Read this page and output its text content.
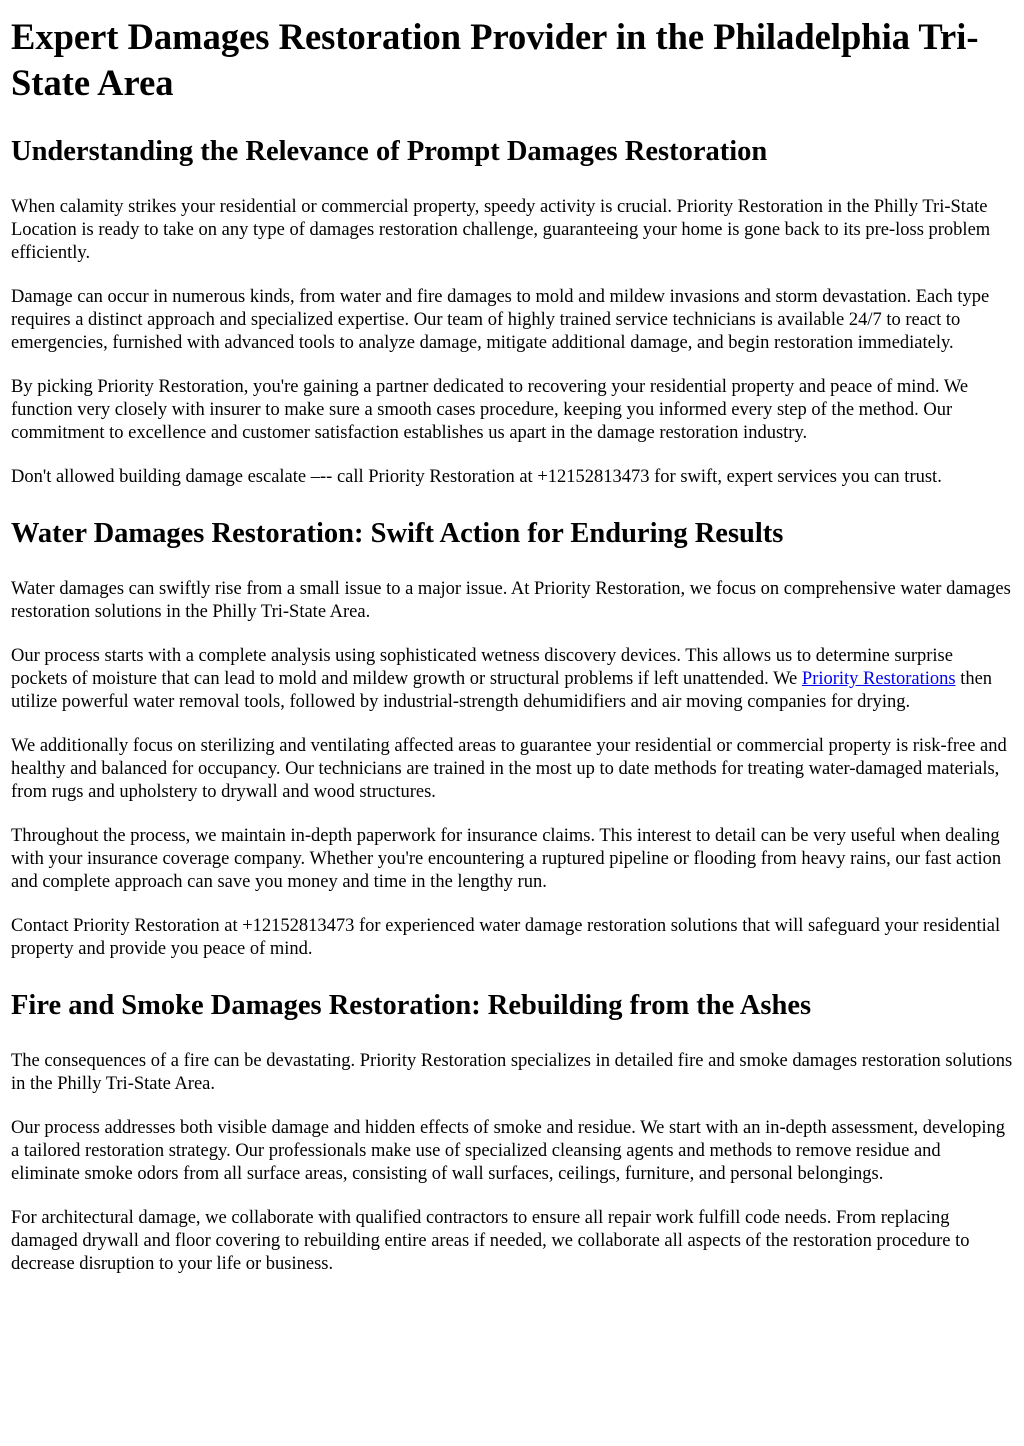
Expert Damages Restoration Provider in the Philadelphia Tri-State Area
Understanding the Relevance of Prompt Damages Restoration

When calamity strikes your residential or commercial property, speedy activity is crucial. Priority Restoration in the Philly Tri-State Location is ready to take on any type of damages restoration challenge, guaranteeing your home is gone back to its pre-loss problem efficiently.

Damage can occur in numerous kinds, from water and fire damages to mold and mildew invasions and storm devastation. Each type requires a distinct approach and specialized expertise. Our team of highly trained service technicians is available 24/7 to react to emergencies, furnished with advanced tools to analyze damage, mitigate additional damage, and begin restoration immediately.

By picking Priority Restoration, you're gaining a partner dedicated to recovering your residential property and peace of mind. We function very closely with insurer to make sure a smooth cases procedure, keeping you informed every step of the method. Our commitment to excellence and customer satisfaction establishes us apart in the damage restoration industry.

Don't allowed building damage escalate –-- call Priority Restoration at +12152813473 for swift, expert services you can trust.

Water Damages Restoration: Swift Action for Enduring Results

Water damages can swiftly rise from a small issue to a major issue. At Priority Restoration, we focus on comprehensive water damages restoration solutions in the Philly Tri-State Area.

Our process starts with a complete analysis using sophisticated wetness discovery devices. This allows us to determine surprise pockets of moisture that can lead to mold and mildew growth or structural problems if left unattended. We Priority Restorations then utilize powerful water removal tools, followed by industrial-strength dehumidifiers and air moving companies for drying.

We additionally focus on sterilizing and ventilating affected areas to guarantee your residential or commercial property is risk-free and healthy and balanced for occupancy. Our technicians are trained in the most up to date methods for treating water-damaged materials, from rugs and upholstery to drywall and wood structures.

Throughout the process, we maintain in-depth paperwork for insurance claims. This interest to detail can be very useful when dealing with your insurance coverage company. Whether you're encountering a ruptured pipeline or flooding from heavy rains, our fast action and complete approach can save you money and time in the lengthy run.

Contact Priority Restoration at +12152813473 for experienced water damage restoration solutions that will safeguard your residential property and provide you peace of mind.

Fire and Smoke Damages Restoration: Rebuilding from the Ashes

The consequences of a fire can be devastating. Priority Restoration specializes in detailed fire and smoke damages restoration solutions in the Philly Tri-State Area.

Our process addresses both visible damage and hidden effects of smoke and residue. We start with an in-depth assessment, developing a tailored restoration strategy. Our professionals make use of specialized cleansing agents and methods to remove residue and eliminate smoke odors from all surface areas, consisting of wall surfaces, ceilings, furniture, and personal belongings.

For architectural damage, we collaborate with qualified contractors to ensure all repair work fulfill code needs. From replacing damaged drywall and floor covering to rebuilding entire areas if needed, we collaborate all aspects of the restoration procedure to decrease disruption to your life or business.
